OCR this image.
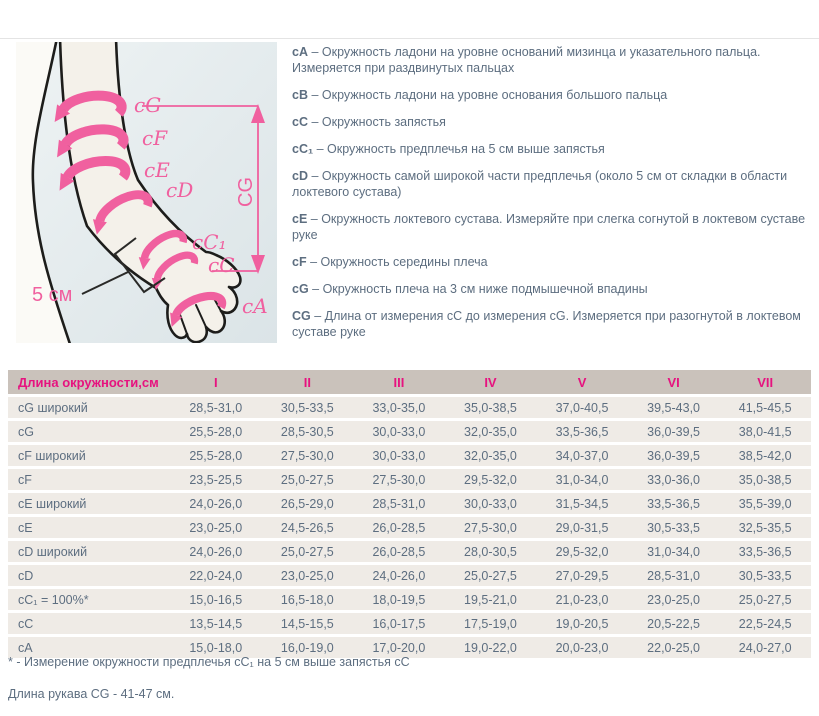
cG
cF
cE
cD
cC₁
cC
cA
CG
5 см

cA – Окружность ладони на уровне оснований мизинца и указательного пальца. Измеряется при раздвинутых пальцах

cB – Окружность ладони на уровне основания большого пальца

cC – Окружность запястья

cC₁ – Окружность предплечья на 5 см выше запястья

cD – Окружность самой широкой части предплечья (около 5 см от складки в области локтевого сустава)

cE – Окружность локтевого сустава. Измеряйте при слегка согнутой в локтевом суставе руке

cF – Окружность середины плеча

cG – Окружность плеча на 3 см ниже подмышечной впадины

CG – Длина от измерения cC до измерения cG. Измеряется при разогнутой в локтевом суставе руке

Длина окружности,см	I	II	III	IV	V	VI	VII
cG широкий	28,5-31,0	30,5-33,5	33,0-35,0	35,0-38,5	37,0-40,5	39,5-43,0	41,5-45,5
cG	25,5-28,0	28,5-30,5	30,0-33,0	32,0-35,0	33,5-36,5	36,0-39,5	38,0-41,5
cF широкий	25,5-28,0	27,5-30,0	30,0-33,0	32,0-35,0	34,0-37,0	36,0-39,5	38,5-42,0
cF	23,5-25,5	25,0-27,5	27,5-30,0	29,5-32,0	31,0-34,0	33,0-36,0	35,0-38,5
cE широкий	24,0-26,0	26,5-29,0	28,5-31,0	30,0-33,0	31,5-34,5	33,5-36,5	35,5-39,0
cE	23,0-25,0	24,5-26,5	26,0-28,5	27,5-30,0	29,0-31,5	30,5-33,5	32,5-35,5
cD широкий	24,0-26,0	25,0-27,5	26,0-28,5	28,0-30,5	29,5-32,0	31,0-34,0	33,5-36,5
cD	22,0-24,0	23,0-25,0	24,0-26,0	25,0-27,5	27,0-29,5	28,5-31,0	30,5-33,5
cC₁ = 100%*	15,0-16,5	16,5-18,0	18,0-19,5	19,5-21,0	21,0-23,0	23,0-25,0	25,0-27,5
cC	13,5-14,5	14,5-15,5	16,0-17,5	17,5-19,0	19,0-20,5	20,5-22,5	22,5-24,5
cA	15,0-18,0	16,0-19,0	17,0-20,0	19,0-22,0	20,0-23,0	22,0-25,0	24,0-27,0

* - Измерение окружности предплечья cC₁ на 5 см выше запястья cC

Длина рукава CG - 41-47 см.
